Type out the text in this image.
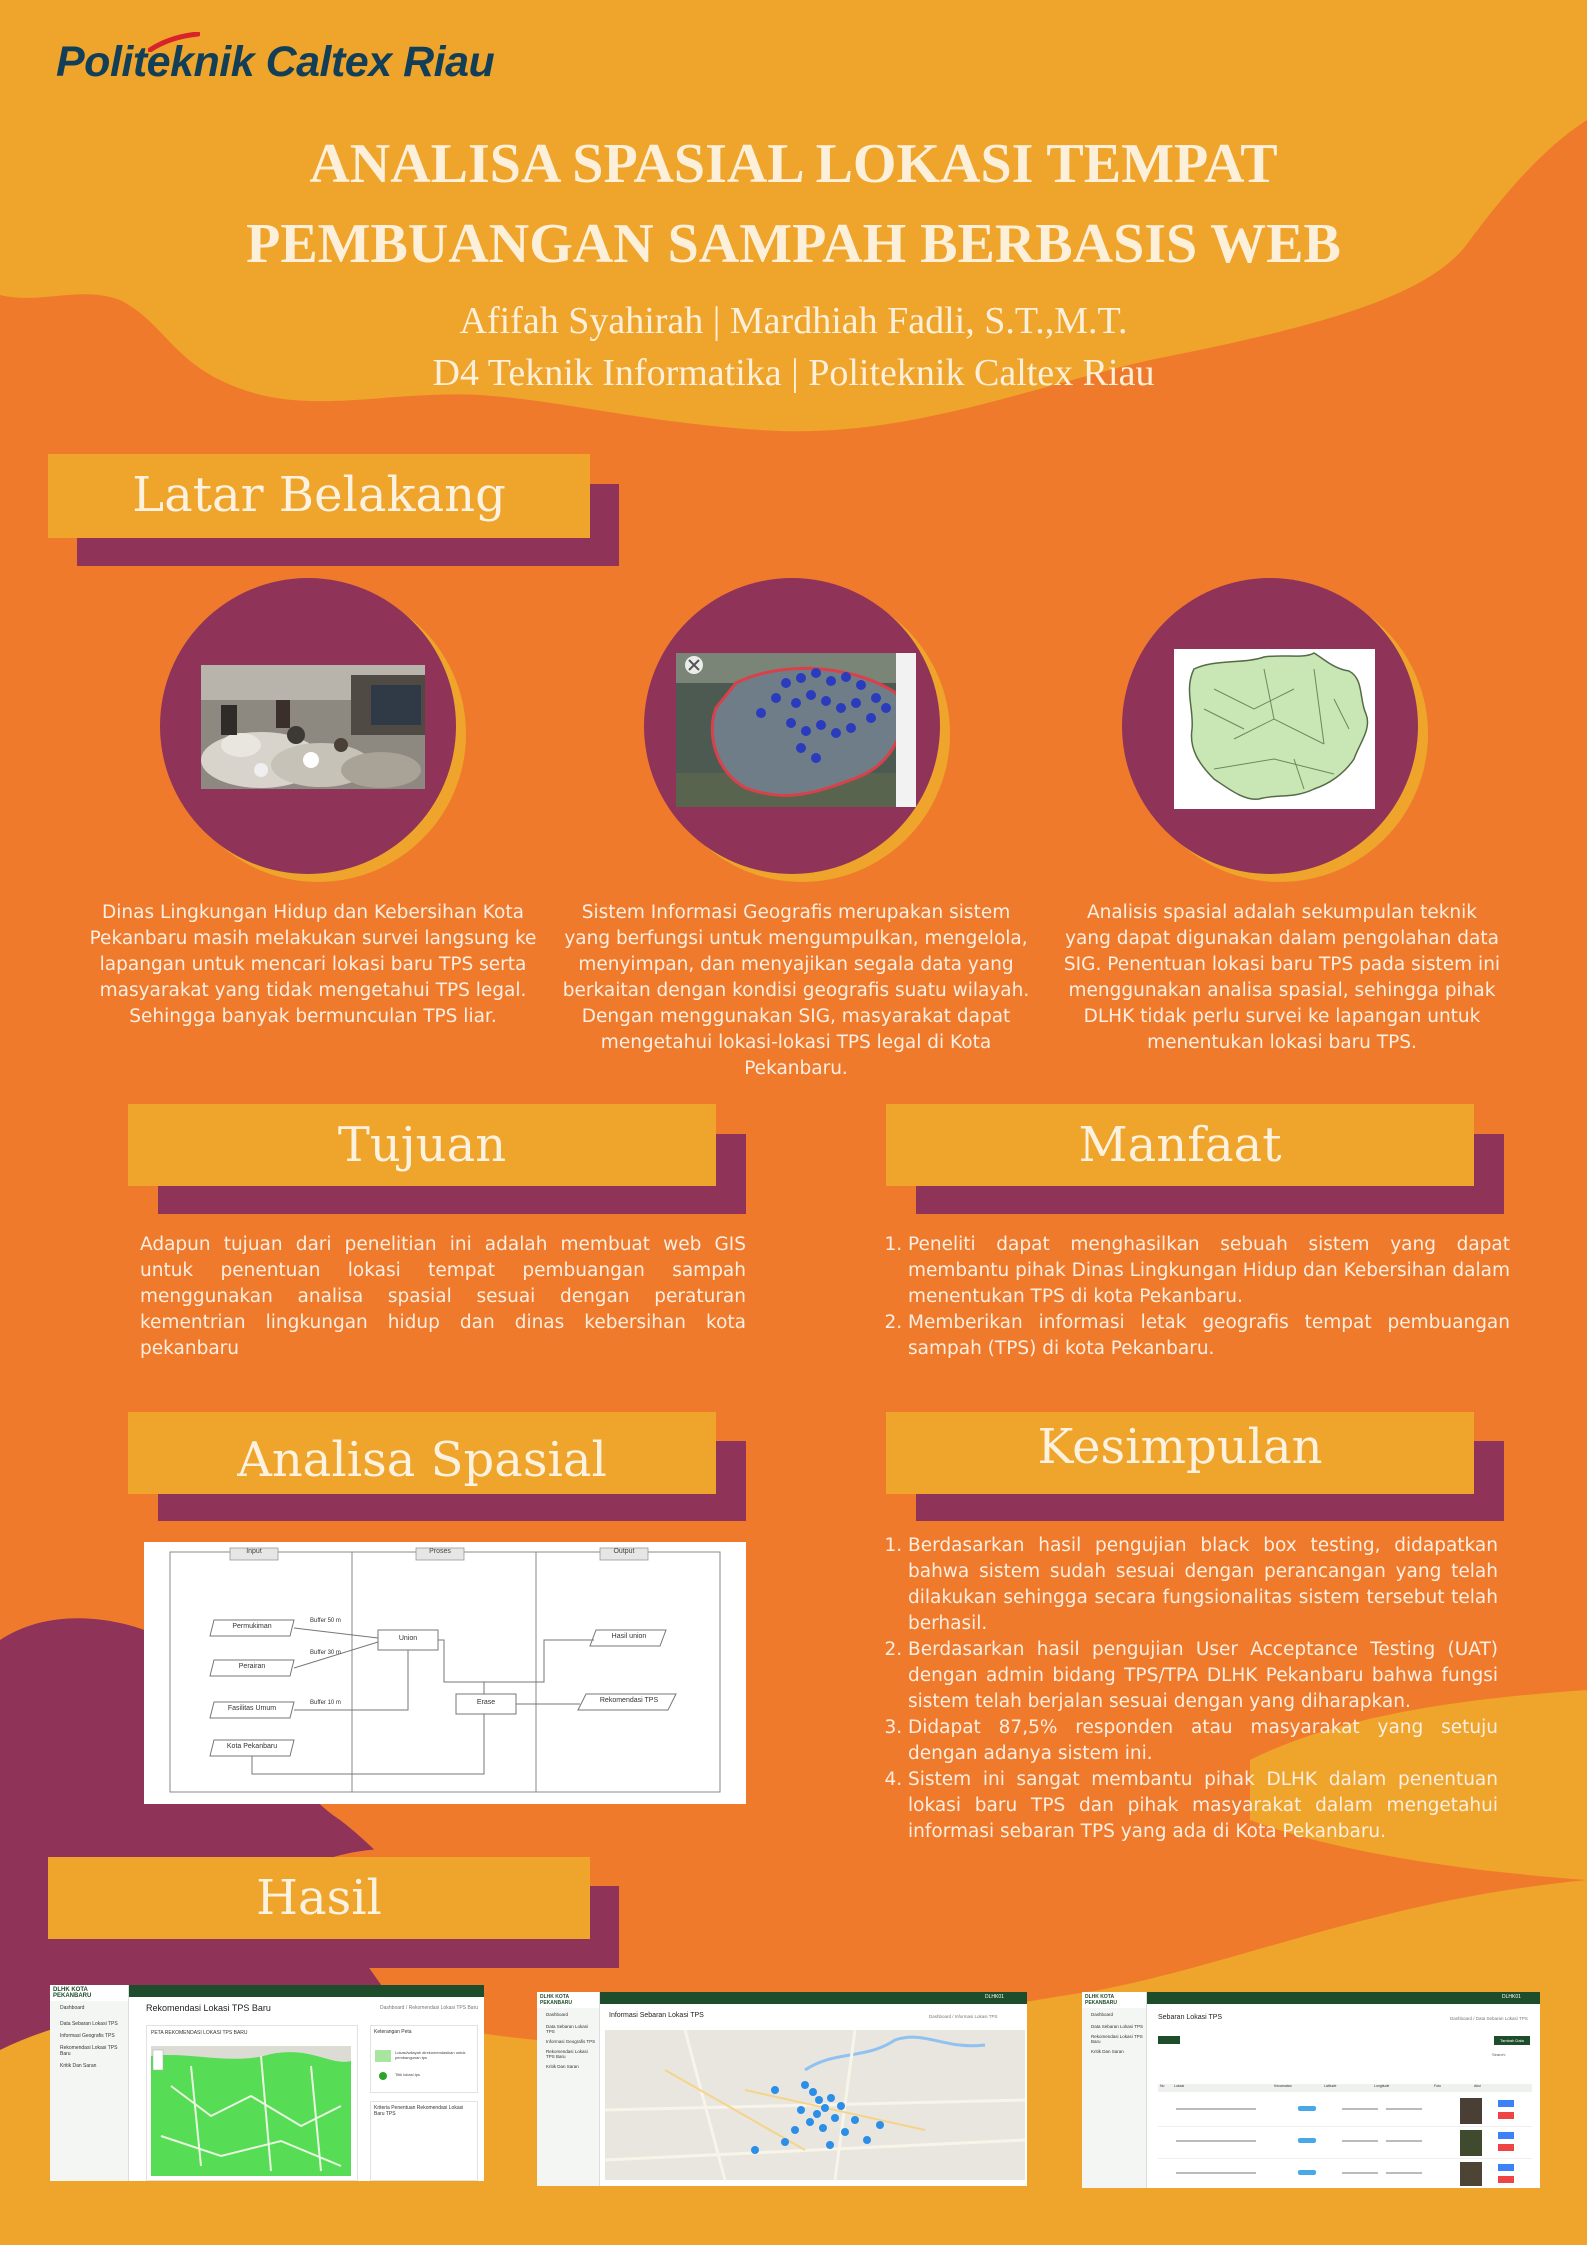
Politeknik Caltex Riau
ANALISA SPASIAL LOKASI TEMPAT
PEMBUANGAN SAMPAH BERBASIS WEB
Afifah Syahirah | Mardhiah Fadli, S.T.,M.T.
D4 Teknik Informatika | Politeknik Caltex Riau
Latar Belakang
Dinas Lingkungan Hidup dan Kebersihan Kota Pekanbaru masih melakukan survei langsung ke lapangan untuk mencari lokasi baru TPS serta masyarakat yang tidak mengetahui TPS legal. Sehingga banyak bermunculan TPS liar.
Sistem Informasi Geografis merupakan sistem yang berfungsi untuk mengumpulkan, mengelola, menyimpan, dan menyajikan segala data yang berkaitan dengan kondisi geografis suatu wilayah. Dengan menggunakan SIG, masyarakat dapat mengetahui lokasi-lokasi TPS legal di Kota Pekanbaru.
Analisis spasial adalah sekumpulan teknik yang dapat digunakan dalam pengolahan data SIG. Penentuan lokasi baru TPS pada sistem ini menggunakan analisa spasial, sehingga pihak DLHK tidak perlu survei ke lapangan untuk menentukan lokasi baru TPS.
Tujuan
Adapun tujuan dari penelitian ini adalah membuat web GIS untuk penentuan lokasi tempat pembuangan sampah menggunakan analisa spasial sesuai dengan peraturan kementrian lingkungan hidup dan dinas kebersihan kota pekanbaru
Manfaat
1. Peneliti dapat menghasilkan sebuah sistem yang dapat membantu pihak Dinas Lingkungan Hidup dan Kebersihan dalam menentukan TPS di kota Pekanbaru.
2. Memberikan informasi letak geografis tempat pembuangan sampah (TPS) di kota Pekanbaru.
Analisa Spasial
Input	Proses	Output
Permukiman
Perairan
Fasilitas Umum
Kota Pekanbaru
Buffer 50 m
Buffer 30 m
Buffer 10 m
Union
Erase
Hasil union
Rekomendasi TPS
Kesimpulan
1. Berdasarkan hasil pengujian black box testing, didapatkan bahwa sistem sudah sesuai dengan perancangan yang telah dilakukan sehingga secara fungsionalitas sistem tersebut telah berhasil.
2. Berdasarkan hasil pengujian User Acceptance Testing (UAT) dengan admin bidang TPS/TPA DLHK Pekanbaru bahwa fungsi sistem telah berjalan sesuai dengan yang diharapkan.
3. Didapat 87,5% responden atau masyarakat yang setuju dengan adanya sistem ini.
4. Sistem ini sangat membantu pihak DLHK dalam penentuan lokasi baru TPS dan pihak masyarakat dalam mengetahui informasi sebaran TPS yang ada di Kota Pekanbaru.
Hasil
DLHK KOTA PEKANBARU
Dashboard
Data Sebaran Lokasi TPS
Informasi Geografis TPS
Rekomendasi Lokasi TPS Baru
Kritik Dan Saran
Rekomendasi Lokasi TPS Baru	Dashboard / Rekomendasi Lokasi TPS Baru
PETA REKOMENDASI LOKASI TPS BARU	Keterangan Peta
Lokasi/wilayah direkomendasikan untuk pembangunan tps
Titik lokasi tps
Kriteria Penentuan Rekomendasi Lokasi Baru TPS
DLHK01
DLHK KOTA PEKANBARU
Dashboard
Data Sebaran Lokasi TPS
Informasi Geografis TPS
Rekomendasi Lokasi TPS Baru
Kritik Dan Saran
Informasi Sebaran Lokasi TPS	Dashboard / Informasi Lokasi TPS
DLHK01
DLHK KOTA PEKANBARU
Dashboard
Data Sebaran Lokasi TPS
Rekomendasi Lokasi TPS Baru
Kritik Dan Saran
Sebaran Lokasi TPS	Dashboard / Data Sebaran Lokasi TPS
Tambah Data
Search:
No	Lokasi	Kecamatan	Latitude	Longitude	Foto	Aksi
